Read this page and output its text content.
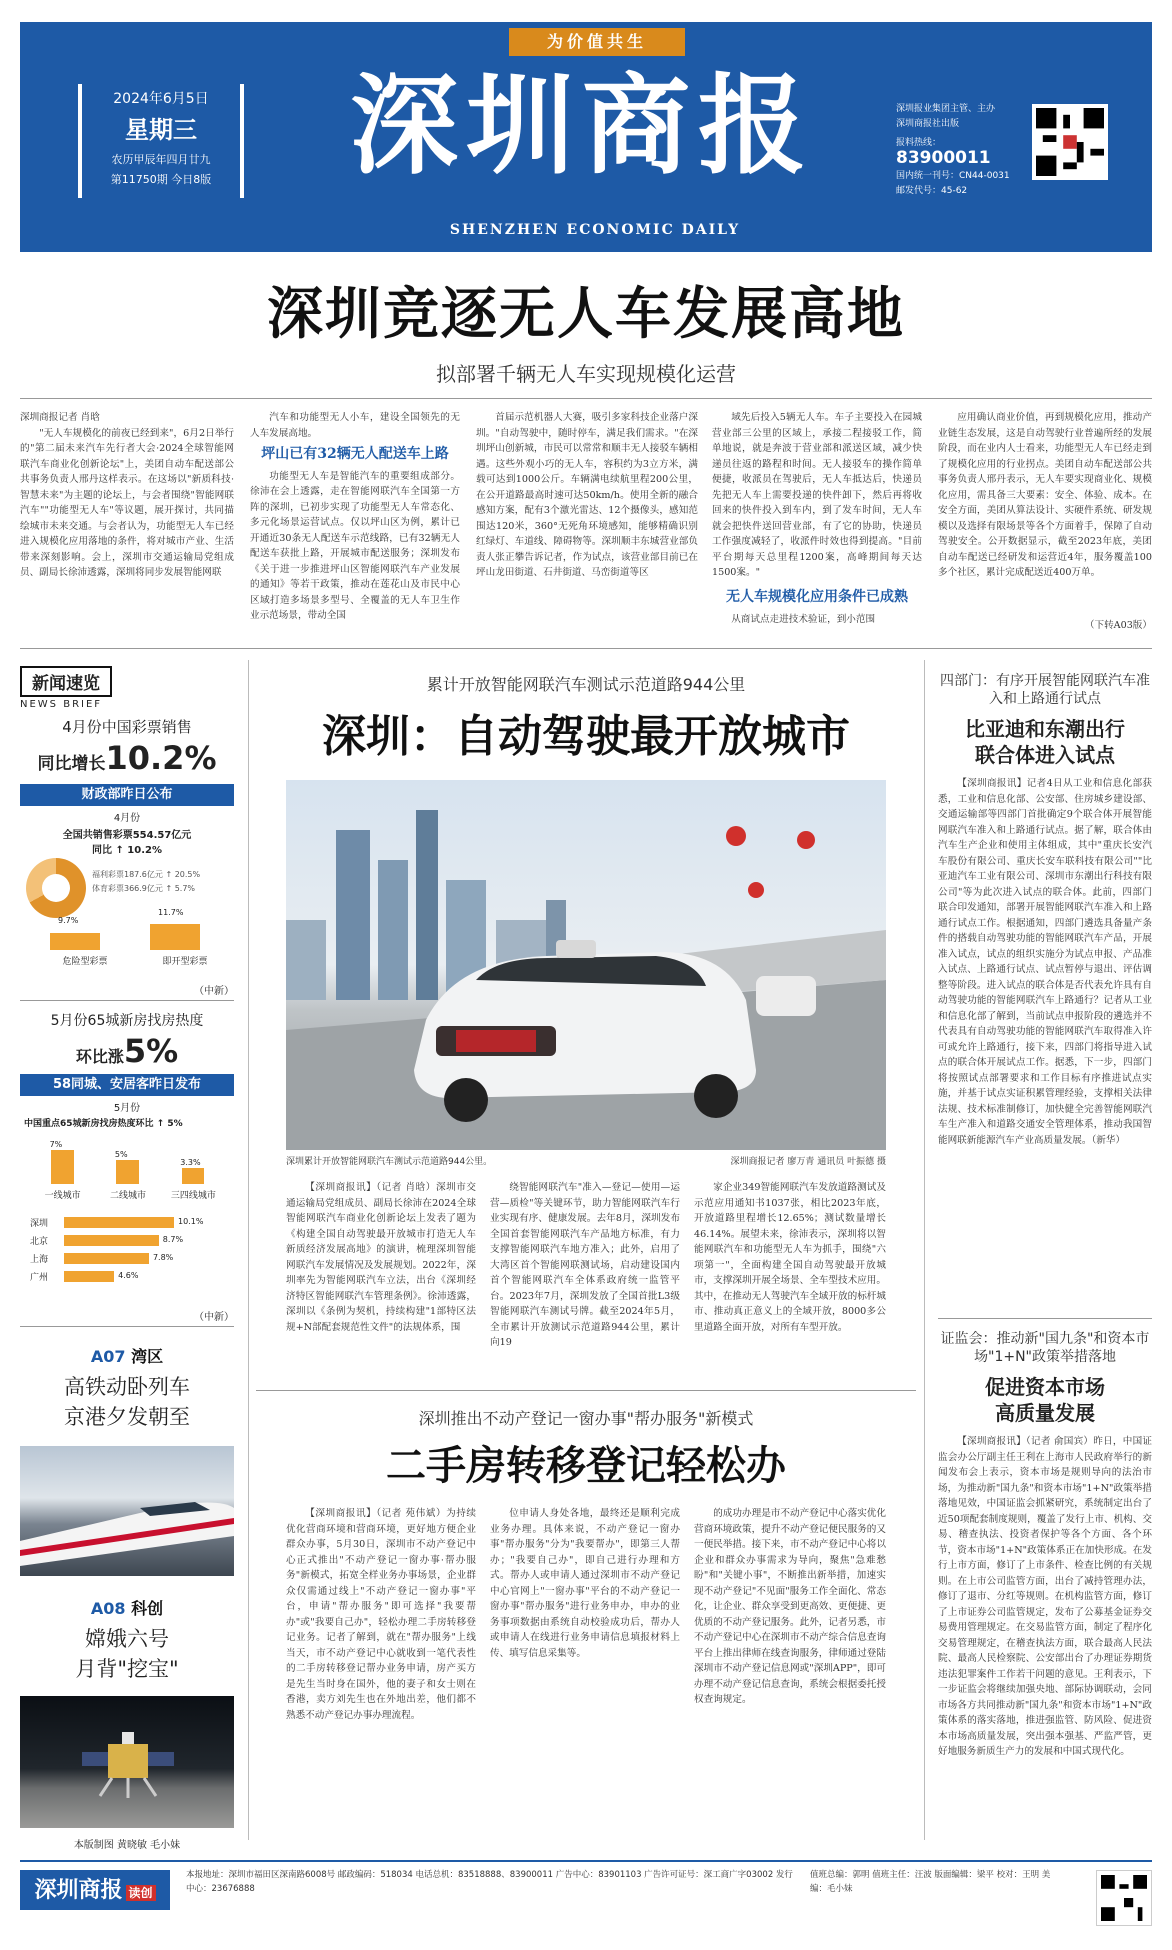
为价值共生
2024年6月5日
星期三
农历甲辰年四月廿九
第11750期 今日8版 深圳商报
SHENZHEN ECONOMIC DAILY
深圳报业集团主管、主办
深圳商报社出版
报料热线：83900011
国内统一刊号：CN44-0031
邮发代号：45-62
深圳竞逐无人车发展高地
拟部署千辆无人车实现规模化运营
深圳商报记者 肖晗

"无人车规模化的前夜已经到来"，6月2日举行的"第二届未来汽车先行者大会·2024全球智能网联汽车商业化创新论坛"上，美团自动车配送部公共事务负责人邢丹这样表示。在这场以"新质科技·智慧未来"为主题的论坛上，与会者围绕"智能网联汽车""功能型无人车"等议题，展开探讨，共同描绘城市未来交通。与会者认为，功能型无人车已经进入规模化应用落地的条件，将对城市产业、生活带来深刻影响。会上，深圳市交通运输局党组成员、副局长徐沛透露，深圳将同步发展智能网联

汽车和功能型无人小车，建设全国领先的无人车发展高地。

坪山已有32辆无人配送车上路

功能型无人车是智能汽车的重要组成部分。徐沛在会上透露，走在智能网联汽车全国第一方阵的深圳，已初步实现了功能型无人车常态化、多元化场景运营试点。仅以坪山区为例，累计已开通近30条无人配送车示范线路，已有32辆无人配送车获批上路，开展城市配送服务；深圳发布《关于进一步推进坪山区智能网联汽车产业发展的通知》等若干政策，推动在莲花山及市民中心区域打造多场景多型号、全覆盖的无人车卫生作业示范场景，带动全国

首届示范机器人大赛，吸引多家科技企业落户深圳。"自动驾驶中，随时停车，满足我们需求。"在深圳坪山创新城，市民可以常常和顺丰无人接驳车辆相遇。这些外观小巧的无人车，容积约为3立方米，满载可达到1000公斤。车辆满电续航里程200公里，在公开道路最高时速可达50km/h。使用全新的融合感知方案，配有3个激光雷达、12个摄像头，感知范围达120米，360°无死角环境感知，能够精确识别红绿灯、车道线、障碍物等。深圳顺丰东城营业部负责人张正攀告诉记者，作为试点，该营业部目前已在坪山龙田街道、石井街道、马峦街道等区

域先后投入5辆无人车。车子主要投入在园城营业部三公里的区域上，承接二程接驳工作，简单地说，就是奔波于营业部和派送区域，减少快递员往返的路程和时间。无人接驳车的操作简单便捷，收派员在驾驶后，无人车抵达后，快递员先把无人车上需要投递的快件卸下，然后再将收回来的快件投入到车内，到了发车时间，无人车就会把快件送回营业部，有了它的协助，快递员工作强度减轻了，收派件时效也得到提高。"目前平台期每天总里程1200案，高峰期间每天达1500案。"

无人车规模化应用条件已成熟

从商试点走进技术验证，到小范围

应用确认商业价值，再到规模化应用，推动产业链生态发展，这是自动驾驶行业普遍所经的发展阶段，而在业内人士看来，功能型无人车已经走到了规模化应用的行业拐点。美团自动车配送部公共事务负责人邢丹表示，无人车要实现商业化、规模化应用，需具备三大要素：安全、体验、成本。在安全方面，美团从算法设计、实硬件系统、研发规模以及选择有限场景等各个方面着手，保障了自动驾驶安全。公开数据显示，截至2023年底，美团自动车配送已经研发和运营近4年，服务覆盖100多个社区，累计完成配送近400万单。

（下转A03版）
新闻速览
NEWS BRIEF
4月份中国彩票销售
同比增长10.2%
财政部昨日公布
4月份
全国共销售彩票554.57亿元
同比 ↑ 10.2%
福利彩票187.6亿元 ↑ 20.5%
体育彩票366.9亿元 ↑ 5.7%
9.7%
11.7%
危险型彩票	即开型彩票
（中新）
5月份65城新房找房热度
环比涨5%
58同城、安居客昨日发布
5月份
中国重点65城新房找房热度环比 ↑ 5%
7%
5%
3.3%
一线城市	二线城市	三四线城市
深圳	10.1%
北京	8.7%
上海	7.8%
广州	4.6%
（中新）
A07 湾区
高铁动卧列车
京港夕发朝至
A08 科创
嫦娥六号
月背"挖宝"
本版制图 黄晓敏 毛小妹
累计开放智能网联汽车测试示范道路944公里
深圳：自动驾驶最开放城市
深圳累计开放智能网联汽车测试示范道路944公里。	深圳商报记者 廖万青 通讯员 叶振德 摄

【深圳商报讯】（记者 肖晗）深圳市交通运输局党组成员、副局长徐沛在2024全球智能网联汽车商业化创新论坛上发表了题为《构建全国自动驾驶最开放城市打造无人车新质经济发展高地》的演讲，梳理深圳智能网联汽车发展情况及发展规划。2022年，深圳率先为智能网联汽车立法，出台《深圳经济特区智能网联汽车管理条例》。徐沛透露，深圳以《条例为契机，持续构建"1部特区法规+N部配套规范性文件"的法规体系，围

绕智能网联汽车"准入—登记—使用—运营—质检"等关键环节，助力智能网联汽车行业实现有序、健康发展。去年8月，深圳发布全国首套智能网联汽车产品地方标准，有力支撑智能网联汽车地方准入；此外，启用了大湾区首个智能网联测试场，启动建设国内首个智能网联汽车全体系政府统一监管平台。2023年7月，深圳发放了全国首批L3级智能网联汽车测试号牌。截至2024年5月，全市累计开放测试示范道路944公里，累计向19

家企业349智能网联汽车发放道路测试及示范应用通知书1037张，相比2023年底，开放道路里程增长12.65%；测试数量增长46.14%。展望未来，徐沛表示，深圳将以智能网联汽车和功能型无人车为抓手，围绕"六项第一"，全面构建全国自动驾驶最开放城市，支撑深圳开展全场景、全车型技术应用。其中，在推动无人驾驶汽车全域开放的标杆城市、推动真正意义上的全域开放，8000多公里道路全面开放，对所有车型开放。

深圳推出不动产登记一窗办事"帮办服务"新模式
二手房转移登记轻松办

【深圳商报讯】（记者 苑伟斌）为持续优化营商环境和营商环境，更好地方便企业群众办事，5月30日，深圳市不动产登记中心正式推出"不动产登记一窗办事·帮办服务"新模式，拓宽全样业务办事场景，企业群众仅需通过线上"不动产登记一窗办事"平台，申请"帮办服务"即可选择"我要帮办"或"我要自己办"，轻松办理二手房转移登记业务。记者了解到，就在"帮办服务"上线当天，市不动产登记中心就收到一笔代表性的二手房转移登记帮办业务申请，房产买方是先生当时身在国外，他的妻子和女士则在香港，卖方刘先生也在外地出差，他们都不熟悉不动产登记办事办理流程。

位申请人身处各地，最终还是顺利完成业务办理。具体来说，不动产登记一窗办事"帮办服务"分为"我要帮办"，即第三人帮办；"我要自己办"，即自己进行办理和方式。帮办人或申请人通过深圳市不动产登记中心官网上"一窗办事"平台的不动产登记一窗办事"帮办服务"进行业务申办，申办的业务事项数据由系统自动校验成功后，帮办人或申请人在线进行业务申请信息填报材料上传、填写信息采集等。

的成功办理是市不动产登记中心落实优化营商环境政策，提升不动产登记便民服务的又一便民举措。接下来，市不动产登记中心将以企业和群众办事需求为导向，聚焦"急难愁盼"和"关键小事"，不断推出新举措，加速实现不动产登记"不见面"服务工作全面化、常态化，让企业、群众享受到更高效、更便捷、更优质的不动产登记服务。此外，记者另悉，市不动产登记中心在深圳市不动产综合信息查询平台上推出律师在线查询服务，律师通过登陆深圳市不动产登记信息网或"深圳APP"，即可办理不动产登记信息查询，系统会根据委托授权查询规定。

四部门：有序开展智能网联汽车准入和上路通行试点
比亚迪和东潮出行
联合体进入试点

【深圳商报讯】记者4日从工业和信息化部获悉，工业和信息化部、公安部、住房城乡建设部、交通运输部等四部门首批确定9个联合体开展智能网联汽车准入和上路通行试点。据了解，联合体由汽车生产企业和使用主体组成，其中"重庆长安汽车股份有限公司、重庆长安车联科技有限公司""比亚迪汽车工业有限公司、深圳市东潮出行科技有限公司"等为此次进入试点的联合体。此前，四部门联合印发通知，部署开展智能网联汽车准入和上路通行试点工作。根据通知，四部门遴选具备量产条件的搭载自动驾驶功能的智能网联汽车产品，开展准入试点，试点的组织实施分为试点申报、产品准入试点、上路通行试点、试点暂停与退出、评估调整等阶段。进入试点的联合体是否代表允许具有自动驾驶功能的智能网联汽车上路通行？记者从工业和信息化部了解到，当前试点申报阶段的遴选并不代表具有自动驾驶功能的智能网联汽车取得准入许可或允许上路通行，接下来，四部门将指导进入试点的联合体开展试点工作。据悉，下一步，四部门将按照试点部署要求和工作目标有序推进试点实施，并基于试点实证积累管理经验，支撑相关法律法规、技术标准制修订，加快健全完善智能网联汽车生产准入和道路交通安全管理体系，推动我国智能网联新能源汽车产业高质量发展。（新华）

证监会：推动新"国九条"和资本市场"1+N"政策举措落地
促进资本市场
高质量发展

【深圳商报讯】（记者 俞国宾）昨日，中国证监会办公厅副主任王利在上海市人民政府举行的新闻发布会上表示，资本市场是规则导向的法治市场，为推动新"国九条"和资本市场"1+N"政策举措落地见效，中国证监会抓紧研究，系统制定出台了近50项配套制度规则，覆盖了发行上市、机构、交易、稽查执法、投资者保护等各个方面、各个环节，资本市场"1+N"政策体系正在加快形成。在发行上市方面，修订了上市条件、检查比例的有关规则。在上市公司监管方面，出台了减持管理办法，修订了退市、分红等规则。在机构监管方面，修订了上市证券公司监管规定，发布了公募基金证券交易费用管理规定。在交易监管方面，制定了程序化交易管理规定，在稽查执法方面，联合最高人民法院、最高人民检察院、公安部出台了办理证券期货违法犯罪案件工作若干问题的意见。王利表示，下一步证监会将继续加强央地、部际协调联动，会同市场各方共同推动新"国九条"和资本市场"1+N"政策体系的落实落地，推进强监管、防风险、促进资本市场高质量发展，突出强本强基、严监严管，更好地服务新质生产力的发展和中国式现代化。

深圳商报 读创
本报地址：深圳市福田区深南路6008号 邮政编码：518034 电话总机：83518888、83900011 广告中心：83901103 广告许可证号：深工商广字03002 发行中心：23676888
值班总编：郭明 值班主任：汪波 版面编辑：梁平 校对：王明 美编：毛小妹
